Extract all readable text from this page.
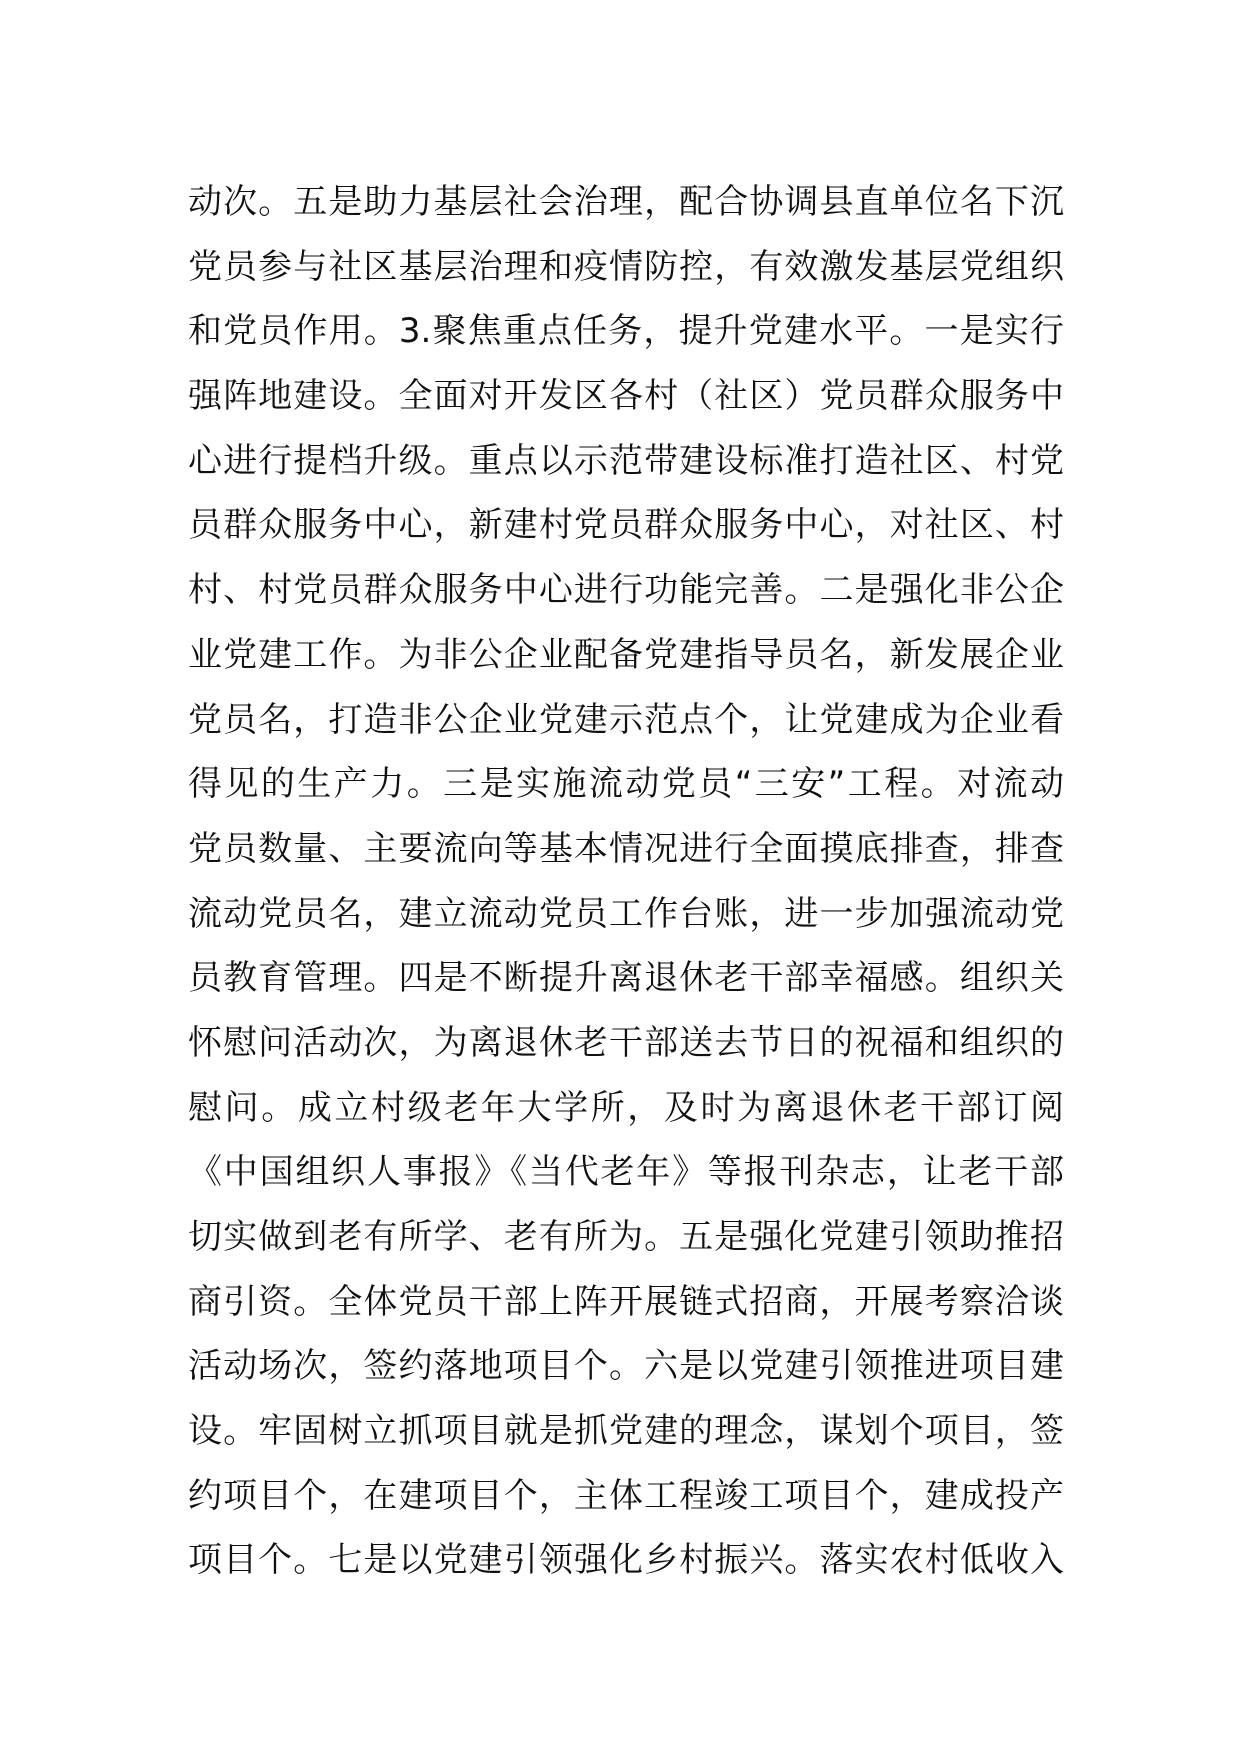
动次。五是助力基层社会治理，配合协调县直单位名下沉
党员参与社区基层治理和疫情防控，有效激发基层党组织
和党员作用。3.聚焦重点任务，提升党建水平。一是实行
强阵地建设。全面对开发区各村（社区）党员群众服务中
心进行提档升级。重点以示范带建设标准打造社区、村党
员群众服务中心，新建村党员群众服务中心，对社区、村
村、村党员群众服务中心进行功能完善。二是强化非公企
业党建工作。为非公企业配备党建指导员名，新发展企业
党员名，打造非公企业党建示范点个，让党建成为企业看
得见的生产力。三是实施流动党员“三安”工程。对流动
党员数量、主要流向等基本情况进行全面摸底排查，排查
流动党员名，建立流动党员工作台账，进一步加强流动党
员教育管理。四是不断提升离退休老干部幸福感。组织关
怀慰问活动次，为离退休老干部送去节日的祝福和组织的
慰问。成立村级老年大学所，及时为离退休老干部订阅
《中国组织人事报》《当代老年》等报刊杂志，让老干部
切实做到老有所学、老有所为。五是强化党建引领助推招
商引资。全体党员干部上阵开展链式招商，开展考察洽谈
活动场次，签约落地项目个。六是以党建引领推进项目建
设。牢固树立抓项目就是抓党建的理念，谋划个项目，签
约项目个，在建项目个，主体工程竣工项目个，建成投产
项目个。七是以党建引领强化乡村振兴。落实农村低收入
